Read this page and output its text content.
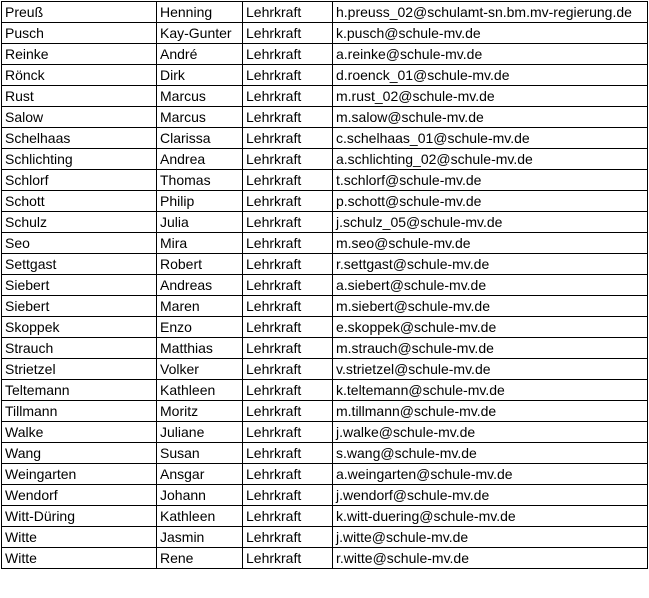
Preuß	Henning	Lehrkraft	h.preuss_02@schulamt-sn.bm.mv-regierung.de
Pusch	Kay-Gunter	Lehrkraft	k.pusch@schule-mv.de
Reinke	André	Lehrkraft	a.reinke@schule-mv.de
Rönck	Dirk	Lehrkraft	d.roenck_01@schule-mv.de
Rust	Marcus	Lehrkraft	m.rust_02@schule-mv.de
Salow	Marcus	Lehrkraft	m.salow@schule-mv.de
Schelhaas	Clarissa	Lehrkraft	c.schelhaas_01@schule-mv.de
Schlichting	Andrea	Lehrkraft	a.schlichting_02@schule-mv.de
Schlorf	Thomas	Lehrkraft	t.schlorf@schule-mv.de
Schott	Philip	Lehrkraft	p.schott@schule-mv.de
Schulz	Julia	Lehrkraft	j.schulz_05@schule-mv.de
Seo	Mira	Lehrkraft	m.seo@schule-mv.de
Settgast	Robert	Lehrkraft	r.settgast@schule-mv.de
Siebert	Andreas	Lehrkraft	a.siebert@schule-mv.de
Siebert	Maren	Lehrkraft	m.siebert@schule-mv.de
Skoppek	Enzo	Lehrkraft	e.skoppek@schule-mv.de
Strauch	Matthias	Lehrkraft	m.strauch@schule-mv.de
Strietzel	Volker	Lehrkraft	v.strietzel@schule-mv.de
Teltemann	Kathleen	Lehrkraft	k.teltemann@schule-mv.de
Tillmann	Moritz	Lehrkraft	m.tillmann@schule-mv.de
Walke	Juliane	Lehrkraft	j.walke@schule-mv.de
Wang	Susan	Lehrkraft	s.wang@schule-mv.de
Weingarten	Ansgar	Lehrkraft	a.weingarten@schule-mv.de
Wendorf	Johann	Lehrkraft	j.wendorf@schule-mv.de
Witt-Düring	Kathleen	Lehrkraft	k.witt-duering@schule-mv.de
Witte	Jasmin	Lehrkraft	j.witte@schule-mv.de
Witte	Rene	Lehrkraft	r.witte@schule-mv.de
